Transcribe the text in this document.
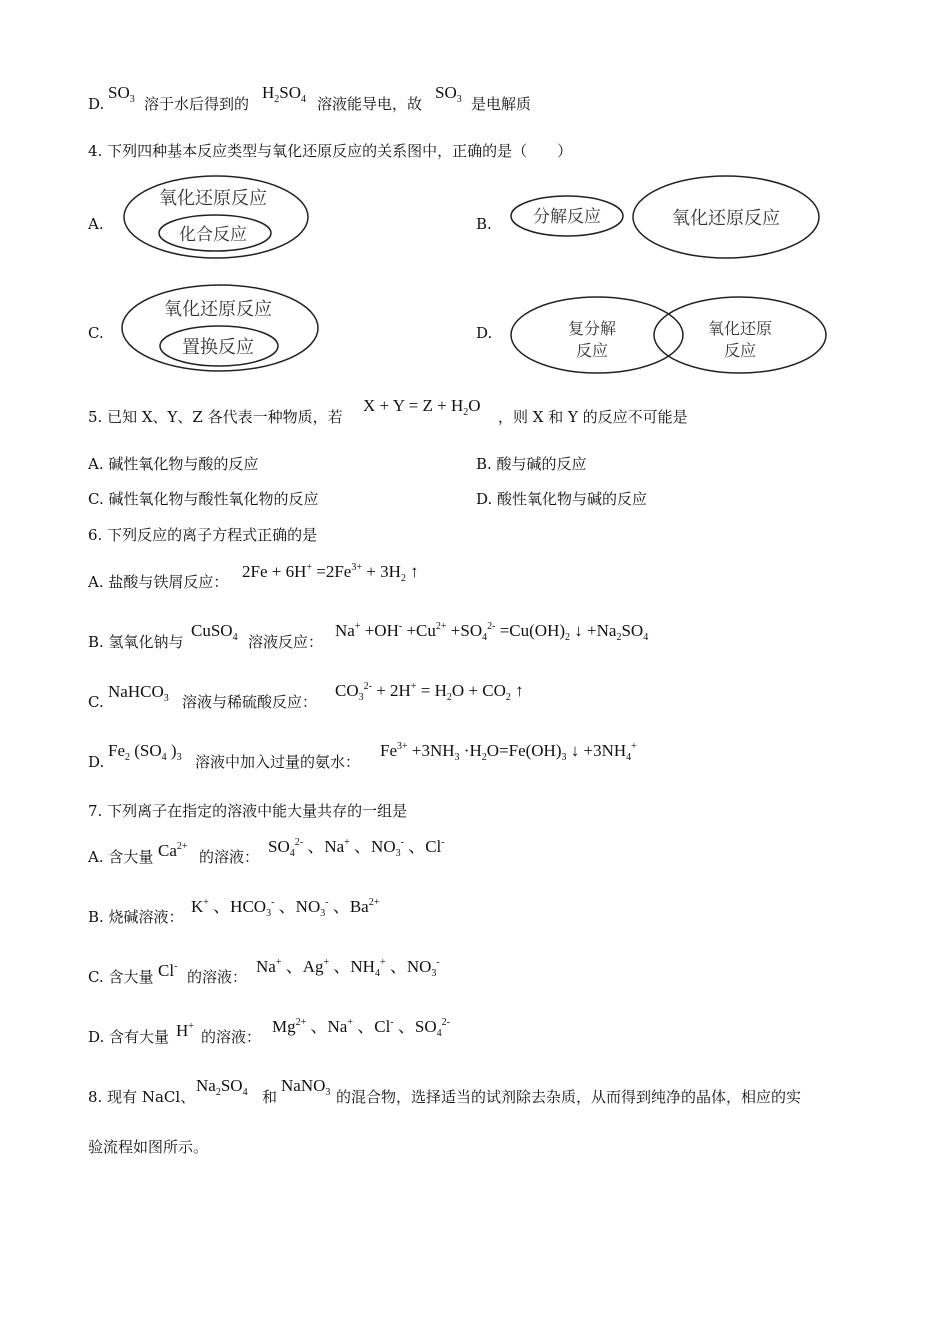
D.
$SO_3$ 溶于水后得到的
$H_2SO_4$ 溶液能导电，故
$SO_3$ 是电解质
4. 下列四种基本反应类型与氧化还原反应的关系图中，正确的是（　　）
A.	B.
C.	D.
氧化还原反应
化合反应
分解反应	氧化还原反应
氧化还原反应
置换反应
复分解
反应
氧化还原
反应
5. 已知 X、Y、Z 各代表一种物质，若
$X + Y = Z + H_2O$
，则 X 和 Y 的反应不可能是
A. 碱性氧化物与酸的反应	B. 酸与碱的反应
C. 碱性氧化物与酸性氧化物的反应	D. 酸性氧化物与碱的反应
6. 下列反应的离子方程式正确的是
A. 盐酸与铁屑反应：
$2Fe + 6H^+ =2Fe^{3+} + 3H_2$ ↑
B. 氢氧化钠与
CuSO$_4$ 溶液反应：
$Na^+ +OH^- +Cu^{2+} +SO_4^{2-} =Cu(OH)_2$ ↓ $+Na_2SO_4$
C.
NaHCO$_3$ 溶液与稀硫酸反应：
$CO_3^{2-} + 2H^+ = H_2O + CO_2$ ↑
D.
$Fe_2$ ($SO_4$ )$_3$ 溶液中加入过量的氨水：
$Fe^{3+} +3NH_3 \cdot H_2O=Fe(OH)_3$ ↓ $+3NH_4^+$
7. 下列离子在指定的溶液中能大量共存的一组是
A. 含大量 $Ca^{2+}$
的溶液：
$SO_4^{2-}$ 、Na+ 、$NO_3^-$ 、Cl-
B. 烧碱溶液：
K+ 、$HCO_3^-$ 、$NO_3^-$ 、$Ba^{2+}$
C. 含大量 Cl-
的溶液：
Na+ 、Ag+ 、$NH_4^+$ 、$NO_3^-$
D. 含有大量 H+
的溶液：
$Mg^{2+}$ 、Na+ 、Cl- 、$SO_4^{2-}$
8. 现有 NaCl、
$Na_2SO_4$ 和
NaNO$_3$ 的混合物，选择适当的试剂除去杂质，从而得到纯净的晶体，相应的实
验流程如图所示。
